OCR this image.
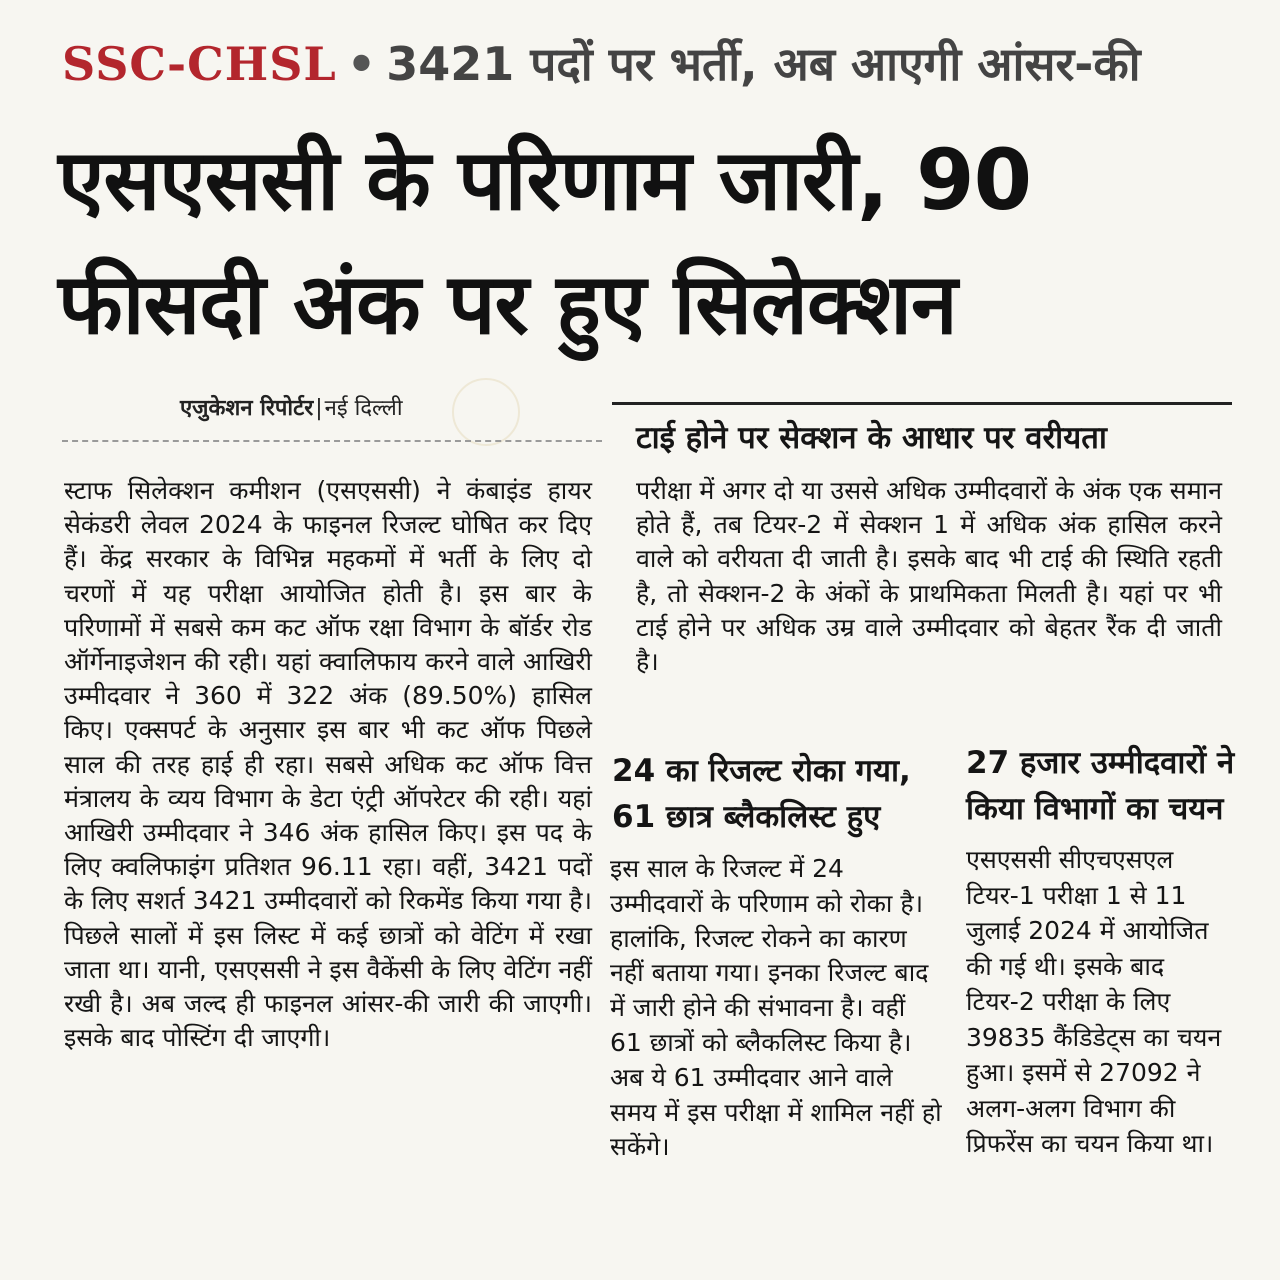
SSC-CHSL • 3421 पदों पर भर्ती, अब आएगी आंसर-की
एसएससी के परिणाम जारी, 90 फीसदी अंक पर हुए सिलेक्शन
एजुकेशन रिपोर्टर|नई दिल्ली

स्टाफ सिलेक्शन कमीशन (एसएससी) ने कंबाइंड हायर सेकंडरी लेवल 2024 के फाइनल रिजल्ट घोषित कर दिए हैं। केंद्र सरकार के विभिन्न महकमों में भर्ती के लिए दो चरणों में यह परीक्षा आयोजित होती है। इस बार के परिणामों में सबसे कम कट ऑफ रक्षा विभाग के बॉर्डर रोड ऑर्गेनाइजेशन की रही। यहां क्वालिफाय करने वाले आखिरी उम्मीदवार ने 360 में 322 अंक (89.50%) हासिल किए। एक्सपर्ट के अनुसार इस बार भी कट ऑफ पिछले साल की तरह हाई ही रहा। सबसे अधिक कट ऑफ वित्त मंत्रालय के व्यय विभाग के डेटा एंट्री ऑपरेटर की रही। यहां आखिरी उम्मीदवार ने 346 अंक हासिल किए। इस पद के लिए क्वलिफाइंग प्रतिशत 96.11 रहा। वहीं, 3421 पदों के लिए सशर्त 3421 उम्मीदवारों को रिकमेंड किया गया है। पिछले सालों में इस लिस्ट में कई छात्रों को वेटिंग में रखा जाता था। यानी, एसएससी ने इस वैकेंसी के लिए वेटिंग नहीं रखी है। अब जल्द ही फाइनल आंसर-की जारी की जाएगी। इसके बाद पोस्टिंग दी जाएगी।

टाई होने पर सेक्शन के आधार पर वरीयता

परीक्षा में अगर दो या उससे अधिक उम्मीदवारों के अंक एक समान होते हैं, तब टियर-2 में सेक्शन 1 में अधिक अंक हासिल करने वाले को वरीयता दी जाती है। इसके बाद भी टाई की स्थिति रहती है, तो सेक्शन-2 के अंकों के प्राथमिकता मिलती है। यहां पर भी टाई होने पर अधिक उम्र वाले उम्मीदवार को बेहतर रैंक दी जाती है।

24 का रिजल्ट रोका गया, 61 छात्र ब्लैकलिस्ट हुए

इस साल के रिजल्ट में 24 उम्मीदवारों के परिणाम को रोका है। हालांकि, रिजल्ट रोकने का कारण नहीं बताया गया। इनका रिजल्ट बाद में जारी होने की संभावना है। वहीं 61 छात्रों को ब्लैकलिस्ट किया है। अब ये 61 उम्मीदवार आने वाले समय में इस परीक्षा में शामिल नहीं हो सकेंगे।

27 हजार उम्मीदवारों ने किया विभागों का चयन

एसएससी सीएचएसएल टियर-1 परीक्षा 1 से 11 जुलाई 2024 में आयोजित की गई थी। इसके बाद टियर-2 परीक्षा के लिए 39835 कैंडिडेट्स का चयन हुआ। इसमें से 27092 ने अलग-अलग विभाग की प्रिफरेंस का चयन किया था।
